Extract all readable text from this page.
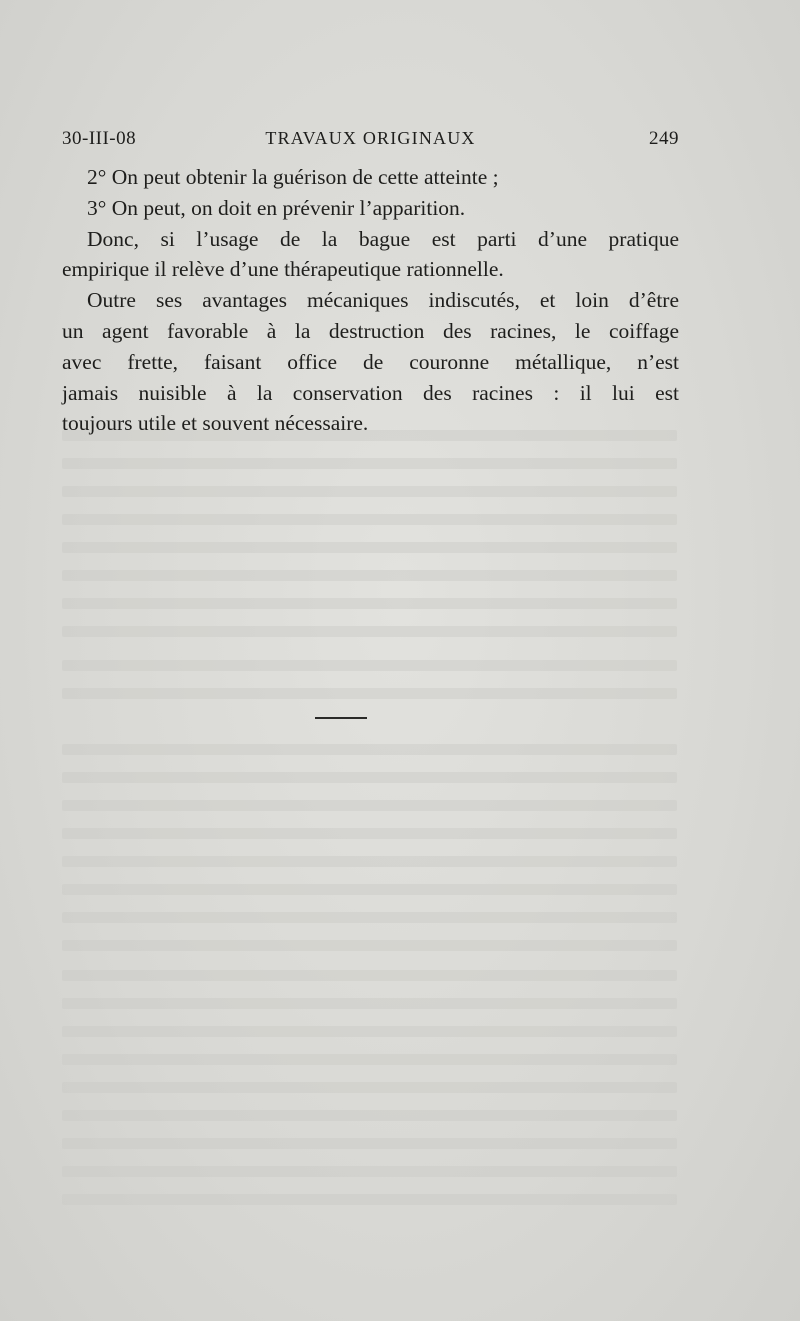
30-III-08	TRAVAUX ORIGINAUX	249
2° On peut obtenir la guérison de cette atteinte ;
3° On peut, on doit en prévenir l’apparition.
Donc, si l’usage de la bague est parti d’une pratique
empirique il relève d’une thérapeutique rationnelle.
Outre ses avantages mécaniques indiscutés, et loin d’être
un agent favorable à la destruction des racines, le coiffage
avec frette, faisant office de couronne métallique, n’est
jamais nuisible à la conservation des racines : il lui est
toujours utile et souvent nécessaire.
